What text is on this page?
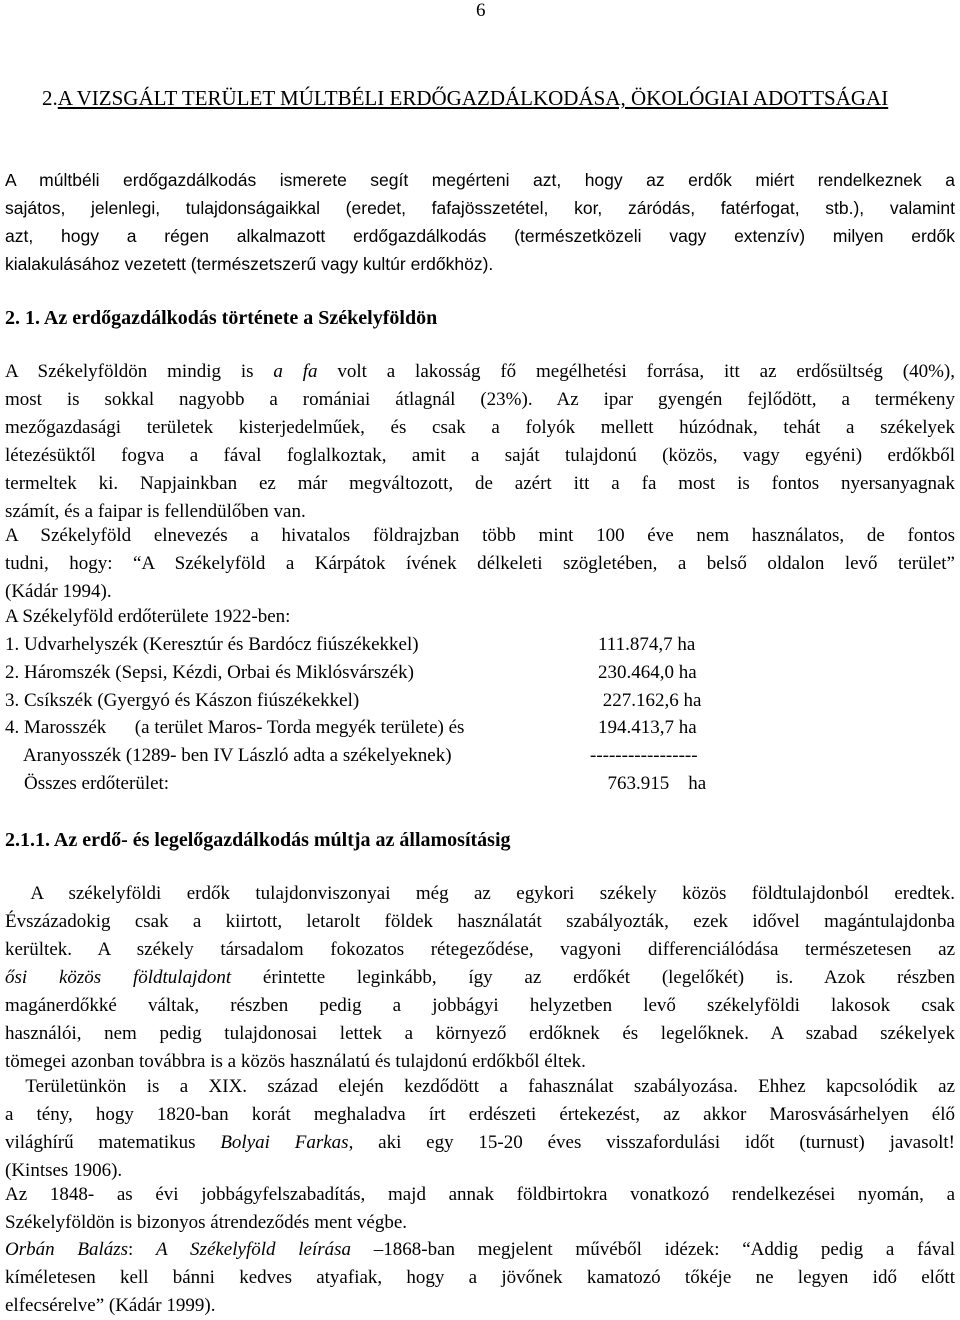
6
2.A VIZSGÁLT TERÜLET MÚLTBÉLI ERDŐGAZDÁLKODÁSA, ÖKOLÓGIAI ADOTTSÁGAI
A múltbéli erdőgazdálkodás ismerete segít megérteni azt, hogy az erdők miért rendelkeznek a
sajátos, jelenlegi, tulajdonságaikkal (eredet, fafajösszetétel, kor, záródás, fatérfogat, stb.), valamint
azt, hogy a régen alkalmazott erdőgazdálkodás (természetközeli vagy extenzív) milyen erdők
kialakulásához vezetett (természetszerű vagy kultúr erdőkhöz).
2. 1. Az erdőgazdálkodás története a Székelyföldön
A Székelyföldön mindig is a fa volt a lakosság fő megélhetési forrása, itt az erdősültség (40%),
most is sokkal nagyobb a romániai átlagnál (23%). Az ipar gyengén fejlődött, a termékeny
mezőgazdasági területek kisterjedelműek, és csak a folyók mellett húzódnak, tehát a székelyek
létezésüktől fogva a fával foglalkoztak, amit a saját tulajdonú (közös, vagy egyéni) erdőkből
termeltek ki. Napjainkban ez már megváltozott, de azért itt a fa most is fontos nyersanyagnak
számít, és a faipar is fellendülőben van.
A Székelyföld elnevezés a hivatalos földrajzban több mint 100 éve nem használatos, de fontos
tudni, hogy: “A Székelyföld a Kárpátok ívének délkeleti szögletében, a belső oldalon levő terület”
(Kádár 1994).
A Székelyföld erdőterülete 1922-ben:
1. Udvarhelyszék (Keresztúr és Bardócz fiúszékekkel)	111.874,7 ha
2. Háromszék (Sepsi, Kézdi, Orbai és Miklósvárszék)	230.464,0 ha
3. Csíkszék (Gyergyó és Kászon fiúszékekkel)	227.162,6 ha
4. Marosszék      (a terület Maros- Torda megyék területe) és	194.413,7 ha
Aranyosszék (1289- ben IV László adta a székelyeknek)	-----------------
Összes erdőterület:	763.915    ha
2.1.1. Az erdő- és legelőgazdálkodás múltja az államosításig
A székelyföldi erdők tulajdonviszonyai még az egykori székely közös földtulajdonból eredtek.
Évszázadokig csak a kiirtott, letarolt földek használatát szabályozták, ezek idővel magántulajdonba
kerültek. A székely társadalom fokozatos rétegeződése, vagyoni differenciálódása természetesen az
ősi közös földtulajdont érintette leginkább, így az erdőkét (legelőkét) is. Azok részben
magánerdőkké váltak, részben pedig a jobbágyi helyzetben levő székelyföldi lakosok csak
használói, nem pedig tulajdonosai lettek a környező erdőknek és legelőknek. A szabad székelyek
tömegei azonban továbbra is a közös használatú és tulajdonú erdőkből éltek.
Területünkön is a XIX. század elején kezdődött a fahasználat szabályozása. Ehhez kapcsolódik az
a tény, hogy 1820-ban korát meghaladva írt erdészeti értekezést, az akkor Marosvásárhelyen élő
világhírű matematikus Bolyai Farkas, aki egy 15-20 éves visszafordulási időt (turnust) javasolt!
(Kintses 1906).
Az 1848- as évi jobbágyfelszabadítás, majd annak földbirtokra vonatkozó rendelkezései nyomán, a
Székelyföldön is bizonyos átrendeződés ment végbe.
Orbán Balázs: A Székelyföld leírása –1868-ban megjelent művéből idézek: “Addig pedig a fával
kíméletesen kell bánni kedves atyafiak, hogy a jövőnek kamatozó tőkéje ne legyen idő előtt
elfecsérelve” (Kádár 1999).
